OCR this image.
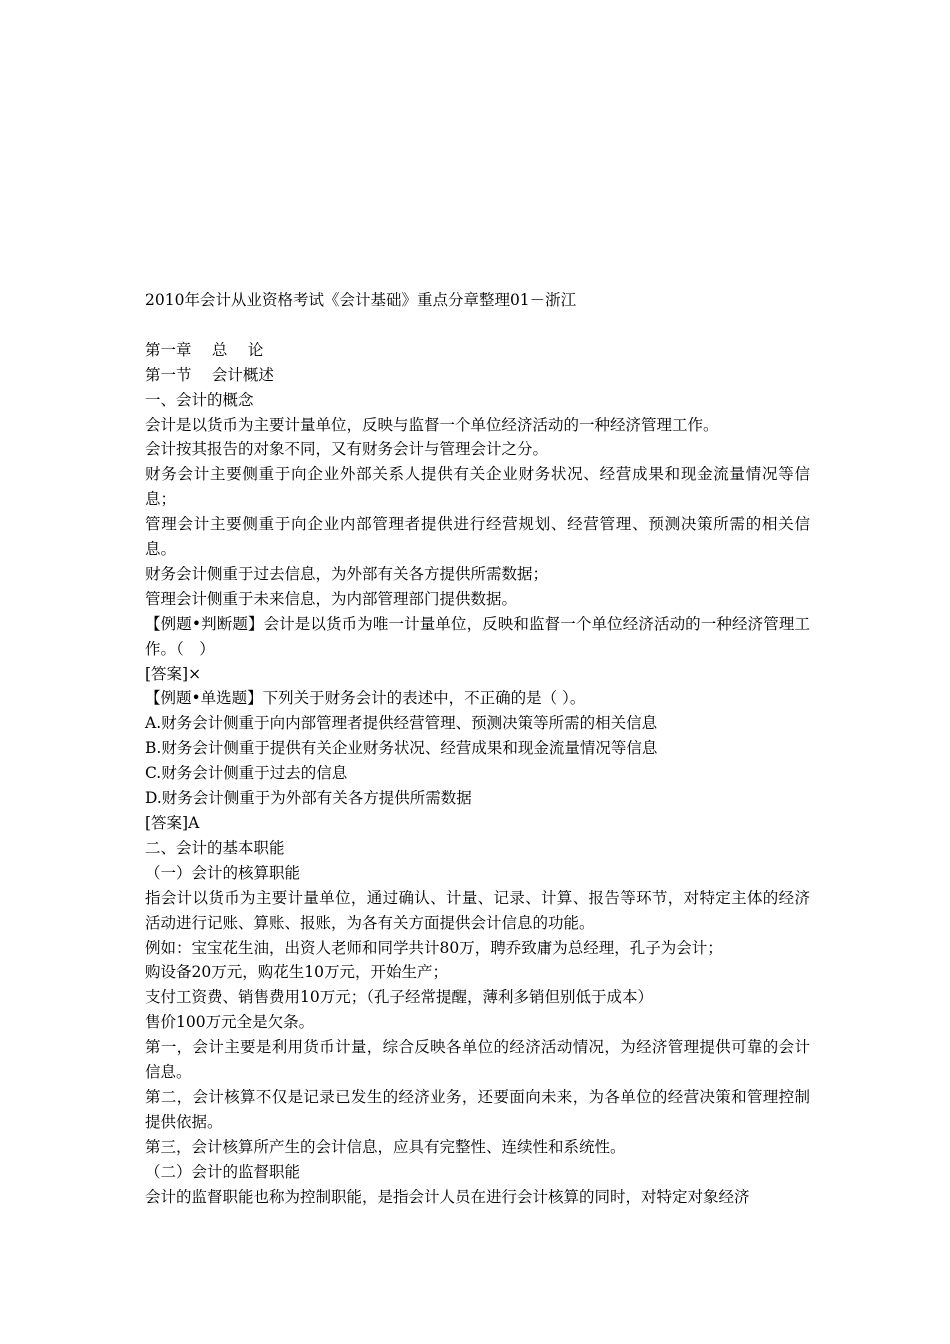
2010年会计从业资格考试《会计基础》重点分章整理01－浙江

第一章　 总　 论

第一节　 会计概述

一、会计的概念

会计是以货币为主要计量单位，反映与监督一个单位经济活动的一种经济管理工作。

会计按其报告的对象不同，又有财务会计与管理会计之分。

财务会计主要侧重于向企业外部关系人提供有关企业财务状况、经营成果和现金流量情况等信息；

管理会计主要侧重于向企业内部管理者提供进行经营规划、经营管理、预测决策所需的相关信息。

财务会计侧重于过去信息，为外部有关各方提供所需数据；

管理会计侧重于未来信息，为内部管理部门提供数据。

【例题•判断题】会计是以货币为唯一计量单位，反映和监督一个单位经济活动的一种经济管理工作。（　）

[答案]×

【例题•单选题】下列关于财务会计的表述中，不正确的是（ ）。

A.财务会计侧重于向内部管理者提供经营管理、预测决策等所需的相关信息

B.财务会计侧重于提供有关企业财务状况、经营成果和现金流量情况等信息

C.财务会计侧重于过去的信息

D.财务会计侧重于为外部有关各方提供所需数据

[答案]A

二、会计的基本职能

（一）会计的核算职能

指会计以货币为主要计量单位，通过确认、计量、记录、计算、报告等环节，对特定主体的经济活动进行记账、算账、报账，为各有关方面提供会计信息的功能。

例如：宝宝花生油，出资人老师和同学共计80万，聘乔致庸为总经理，孔子为会计；

购设备20万元，购花生10万元，开始生产；

支付工资费、销售费用10万元；（孔子经常提醒，薄利多销但别低于成本）

售价100万元全是欠条。

第一，会计主要是利用货币计量，综合反映各单位的经济活动情况，为经济管理提供可靠的会计信息。

第二，会计核算不仅是记录已发生的经济业务，还要面向未来，为各单位的经营决策和管理控制提供依据。

第三，会计核算所产生的会计信息，应具有完整性、连续性和系统性。

（二）会计的监督职能

会计的监督职能也称为控制职能，是指会计人员在进行会计核算的同时，对特定对象经济
